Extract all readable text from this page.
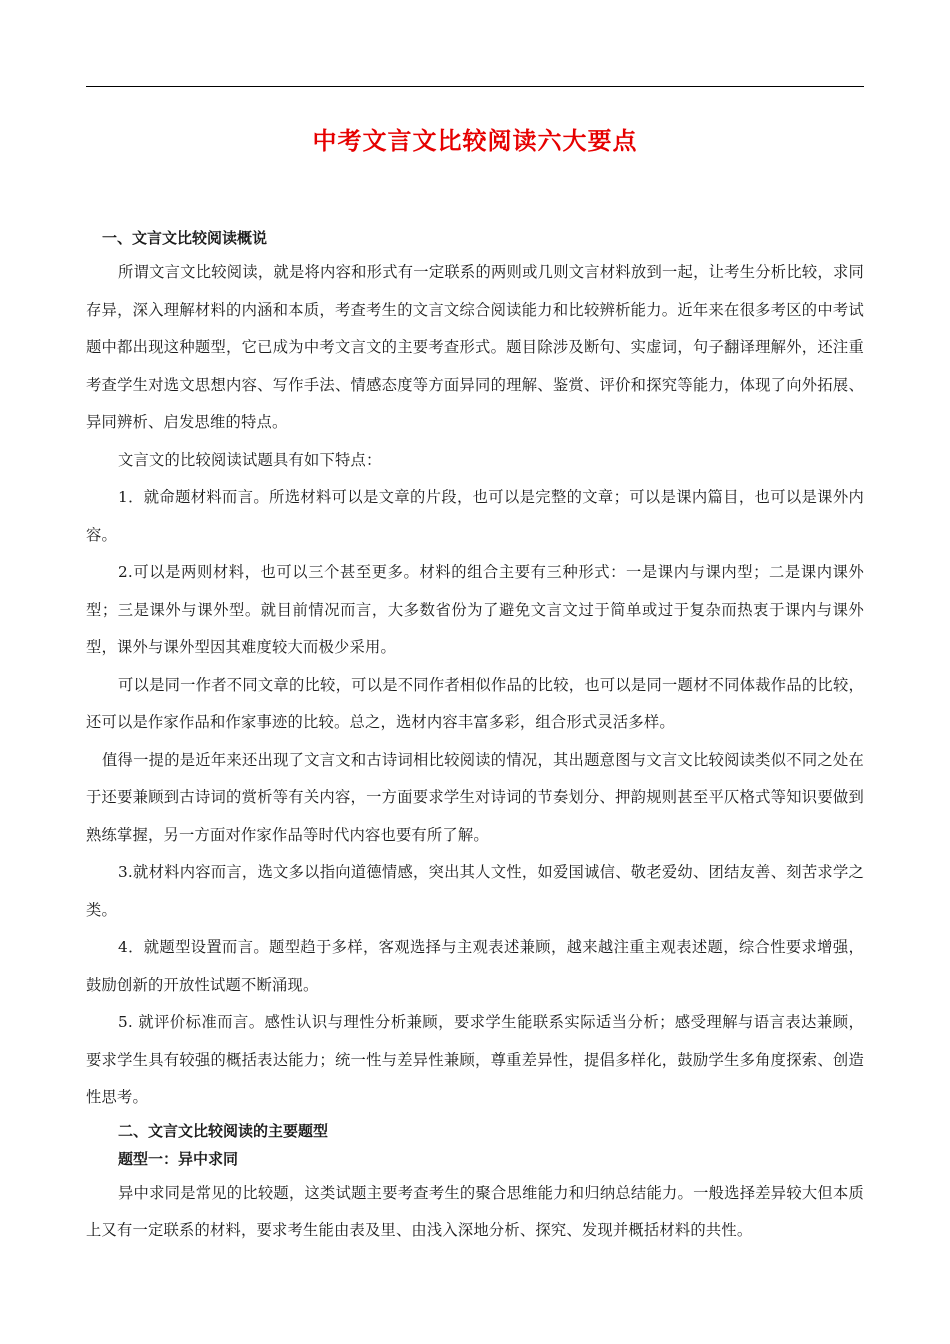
中考文言文比较阅读六大要点
一、文言文比较阅读概说

所谓文言文比较阅读，就是将内容和形式有一定联系的两则或几则文言材料放到一起，让考生分析比较，求同存异，深入理解材料的内涵和本质，考查考生的文言文综合阅读能力和比较辨析能力。近年来在很多考区的中考试题中都出现这种题型，它已成为中考文言文的主要考查形式。题目除涉及断句、实虚词，句子翻译理解外，还注重考查学生对选文思想内容、写作手法、情感态度等方面异同的理解、鉴赏、评价和探究等能力，体现了向外拓展、异同辨析、启发思维的特点。

文言文的比较阅读试题具有如下特点：

1．就命题材料而言。所选材料可以是文章的片段，也可以是完整的文章；可以是课内篇目，也可以是课外内容。

2.可以是两则材料，也可以三个甚至更多。材料的组合主要有三种形式：一是课内与课内型；二是课内课外型；三是课外与课外型。就目前情况而言，大多数省份为了避免文言文过于简单或过于复杂而热衷于课内与课外型，课外与课外型因其难度较大而极少采用。

可以是同一作者不同文章的比较，可以是不同作者相似作品的比较，也可以是同一题材不同体裁作品的比较，还可以是作家作品和作家事迹的比较。总之，选材内容丰富多彩，组合形式灵活多样。

值得一提的是近年来还出现了文言文和古诗词相比较阅读的情况，其出题意图与文言文比较阅读类似不同之处在于还要兼顾到古诗词的赏析等有关内容，一方面要求学生对诗词的节奏划分、押韵规则甚至平仄格式等知识要做到熟练掌握，另一方面对作家作品等时代内容也要有所了解。

3.就材料内容而言，选文多以指向道德情感，突出其人文性，如爱国诚信、敬老爱幼、团结友善、刻苦求学之类。

4．就题型设置而言。题型趋于多样，客观选择与主观表述兼顾，越来越注重主观表述题，综合性要求增强，鼓励创新的开放性试题不断涌现。

5. 就评价标准而言。感性认识与理性分析兼顾，要求学生能联系实际适当分析；感受理解与语言表达兼顾，要求学生具有较强的概括表达能力；统一性与差异性兼顾，尊重差异性，提倡多样化，鼓励学生多角度探索、创造性思考。

二、文言文比较阅读的主要题型
题型一：异中求同

异中求同是常见的比较题，这类试题主要考查考生的聚合思维能力和归纳总结能力。一般选择差异较大但本质上又有一定联系的材料，要求考生能由表及里、由浅入深地分析、探究、发现并概括材料的共性。
